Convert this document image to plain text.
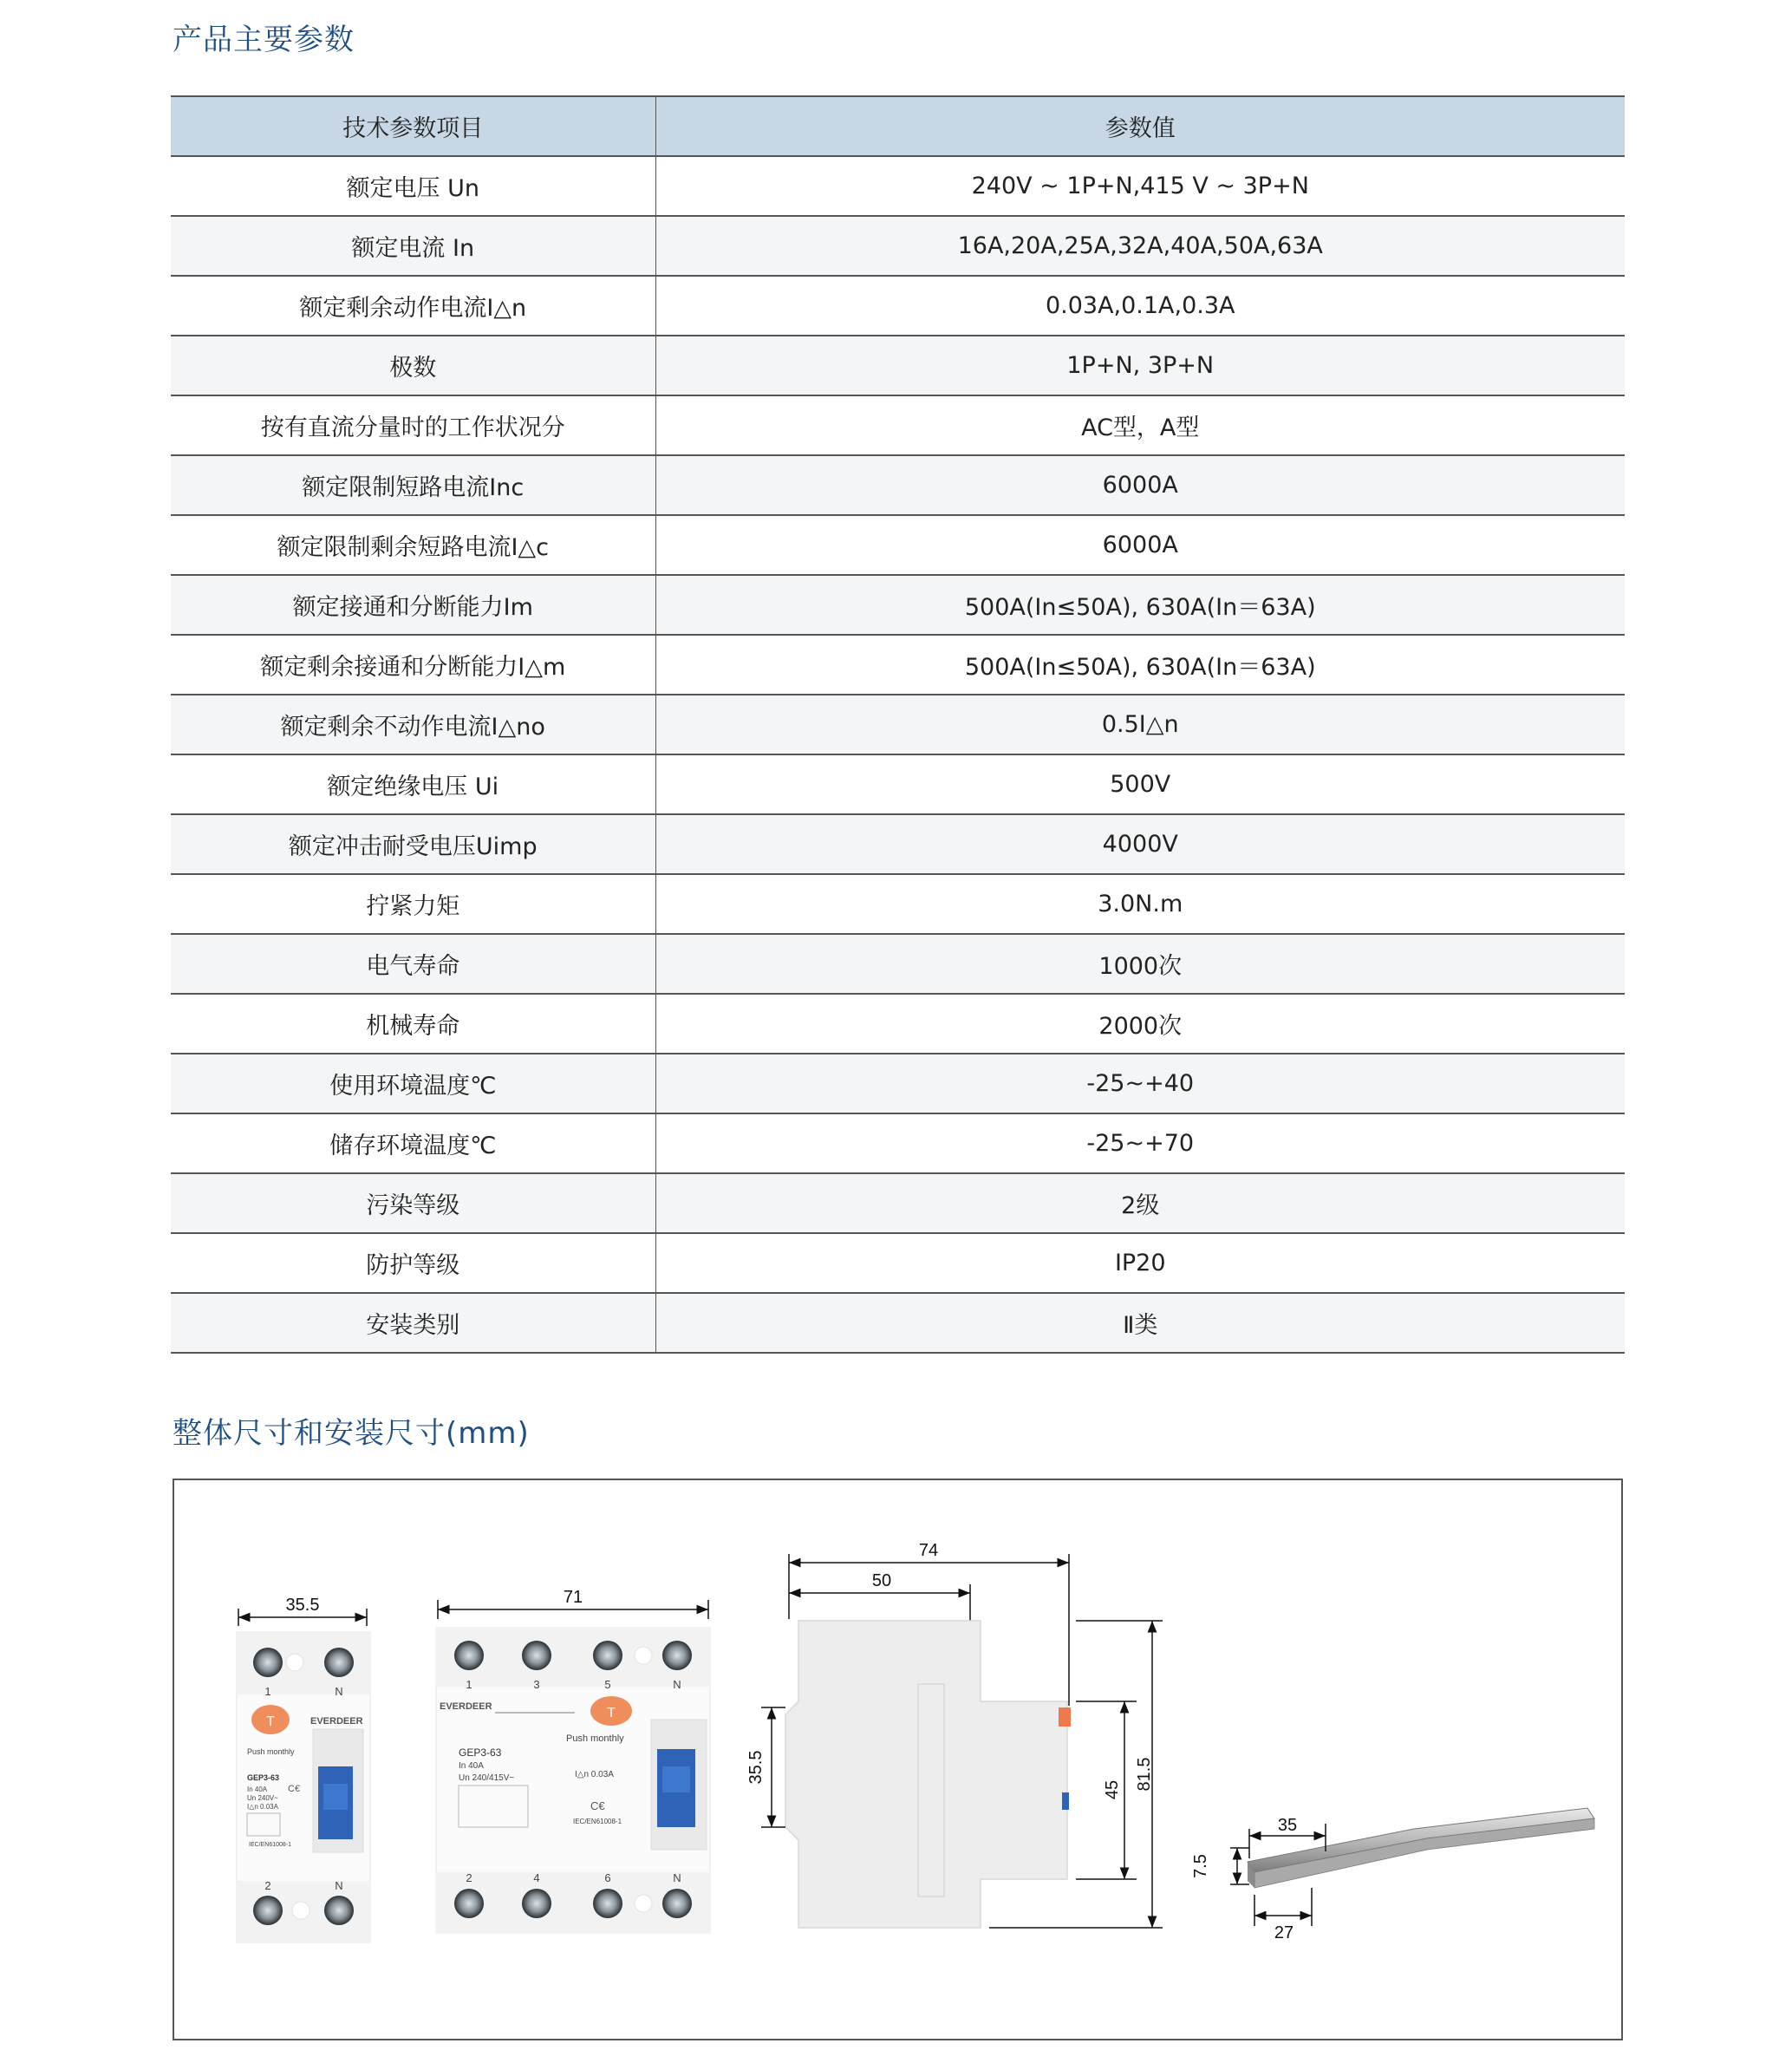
产品主要参数
技术参数项目	参数值
额定电压 Un	240V ~ 1P+N,415 V ~ 3P+N
额定电流 In	16A,20A,25A,32A,40A,50A,63A
额定剩余动作电流I△n	0.03A,0.1A,0.3A
极数	1P+N, 3P+N
按有直流分量时的工作状况分	AC型，A型
额定限制短路电流Inc	6000A
额定限制剩余短路电流I△c	6000A
额定接通和分断能力Im	500A(In≤50A), 630A(In＝63A)
额定剩余接通和分断能力I△m	500A(In≤50A), 630A(In＝63A)
额定剩余不动作电流I△no	0.5I△n
额定绝缘电压 Ui	500V
额定冲击耐受电压Uimp	4000V
拧紧力矩	3.0N.m
电气寿命	1000次
机械寿命	2000次
使用环境温度℃	-25~+40
储存环境温度℃	-25~+70
污染等级	2级
防护等级	IP20
安装类别	Ⅱ类
整体尺寸和安装尺寸(mm)
35.5
1	N
2	N
T	EVERDEER
Push monthly
GEP3-63
In 40A
Un 240V~
I△n 0.03A
C€
IEC/EN61008-1
71
1	3	5	N
2	4	6	N
EVERDEER	T
Push monthly
GEP3-63
In 40A
Un 240/415V~	I△n 0.03A
C€
IEC/EN61008-1
74
50
35.5
45 81.5
7.5
35
27
